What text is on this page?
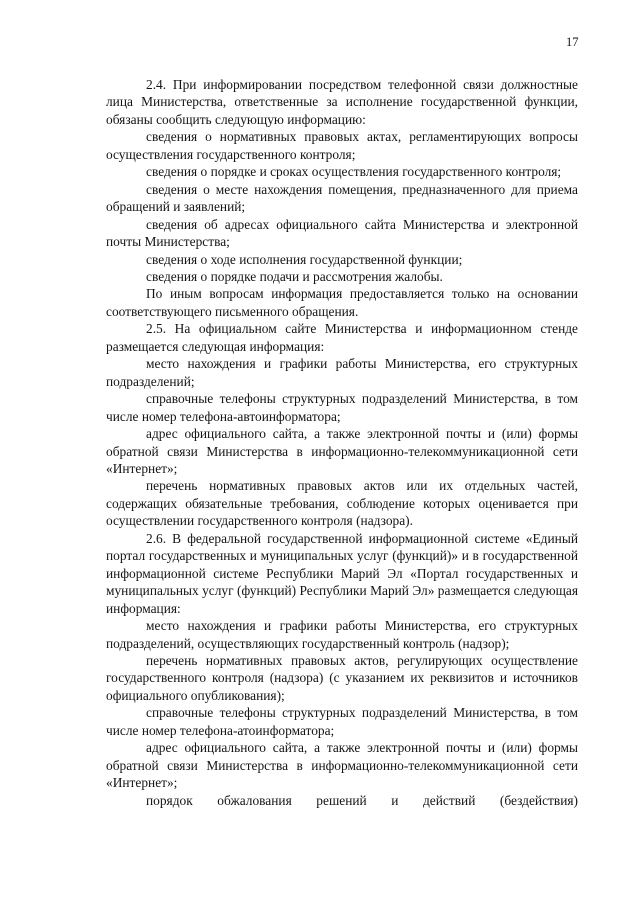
17

2.4. При информировании посредством телефонной связи должностные лица Министерства, ответственные за исполнение государственной функции, обязаны сообщить следующую информацию:

сведения о нормативных правовых актах, регламентирующих вопросы осуществления государственного контроля;

сведения о порядке и сроках осуществления государственного контроля;

сведения о месте нахождения помещения, предназначенного для приема обращений и заявлений;

сведения об адресах официального сайта Министерства и электронной почты Министерства;

сведения о ходе исполнения государственной функции;

сведения о порядке подачи и рассмотрения жалобы.

По иным вопросам информация предоставляется только на основании соответствующего письменного обращения.

2.5. На официальном сайте Министерства и информационном стенде размещается следующая информация:

место нахождения и графики работы Министерства, его структурных подразделений;

справочные телефоны структурных подразделений Министерства, в том числе номер телефона-автоинформатора;

адрес официального сайта, а также электронной почты и (или) формы обратной связи Министерства в информационно-телекоммуникационной сети «Интернет»;

перечень нормативных правовых актов или их отдельных частей, содержащих обязательные требования, соблюдение которых оценивается при осуществлении государственного контроля (надзора).

2.6. В федеральной государственной информационной системе «Единый портал государственных и муниципальных услуг (функций)» и в государственной информационной системе Республики Марий Эл «Портал государственных и муниципальных услуг (функций) Республики Марий Эл» размещается следующая информация:

место нахождения и графики работы Министерства, его структурных подразделений, осуществляющих государственный контроль (надзор);

перечень нормативных правовых актов, регулирующих осуществление государственного контроля (надзора) (с указанием их реквизитов и источников официального опубликования);

справочные телефоны структурных подразделений Министерства, в том числе номер телефона-атоинформатора;

адрес официального сайта, а также электронной почты и (или) формы обратной связи Министерства в информационно-телекоммуникационной сети «Интернет»;

порядок обжалования решений и действий (бездействия)
